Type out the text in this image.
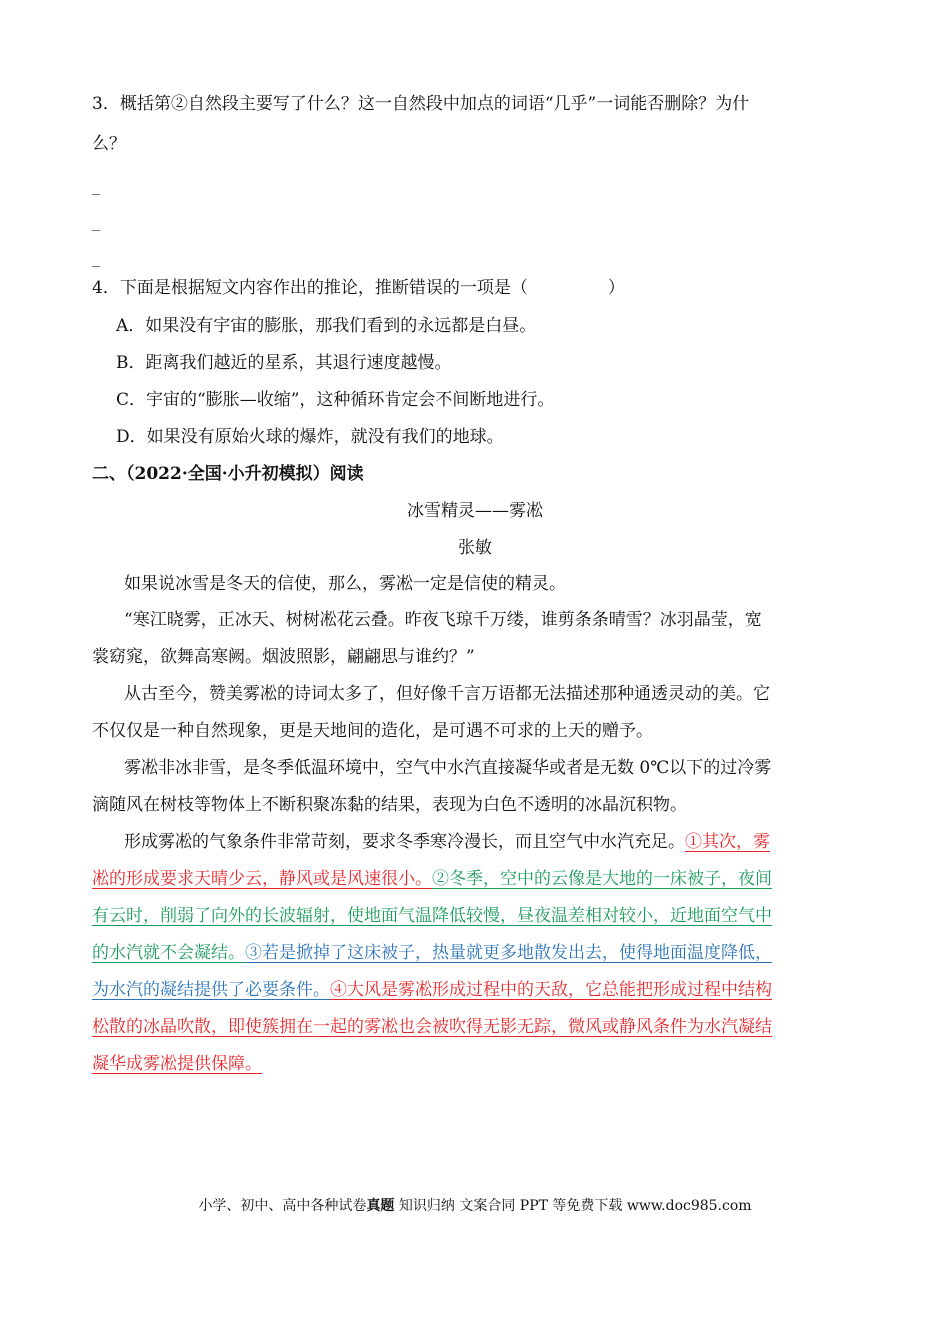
3．概括第②自然段主要写了什么？这一自然段中加点的词语“几乎”一词能否删除？为什
么？
_
_
_
4．下面是根据短文内容作出的推论，推断错误的一项是（	）
A．如果没有宇宙的膨胀，那我们看到的永远都是白昼。
B．距离我们越近的星系，其退行速度越慢。
C．宇宙的“膨胀—收缩”，这种循环肯定会不间断地进行。
D．如果没有原始火球的爆炸，就没有我们的地球。
二、（2022·全国·小升初模拟）阅读
冰雪精灵——雾凇
张敏
如果说冰雪是冬天的信使，那么，雾凇一定是信使的精灵。
“寒江晓雾，正冰天、树树凇花云叠。昨夜飞琼千万缕，谁剪条条晴雪？冰羽晶莹，宽
裳窈窕，欲舞高寒阙。烟波照影，翩翩思与谁约？”
从古至今，赞美雾凇的诗词太多了，但好像千言万语都无法描述那种通透灵动的美。它
不仅仅是一种自然现象，更是天地间的造化，是可遇不可求的上天的赠予。
雾凇非冰非雪，是冬季低温环境中，空气中水汽直接凝华或者是无数 0℃以下的过冷雾
滴随风在树枝等物体上不断积聚冻黏的结果，表现为白色不透明的冰晶沉积物。
形成雾凇的气象条件非常苛刻，要求冬季寒冷漫长，而且空气中水汽充足。①其次，雾
凇的形成要求天晴少云，静风或是风速很小。②冬季，空中的云像是大地的一床被子，夜间
有云时，削弱了向外的长波辐射，使地面气温降低较慢，昼夜温差相对较小，近地面空气中
的水汽就不会凝结。③若是掀掉了这床被子，热量就更多地散发出去，使得地面温度降低，
为水汽的凝结提供了必要条件。④大风是雾凇形成过程中的天敌，它总能把形成过程中结构
松散的冰晶吹散，即使簇拥在一起的雾凇也会被吹得无影无踪，微风或静风条件为水汽凝结
凝华成雾凇提供保障。
小学、初中、高中各种试卷真题 知识归纳 文案合同 PPT 等免费下载 www.doc985.com
